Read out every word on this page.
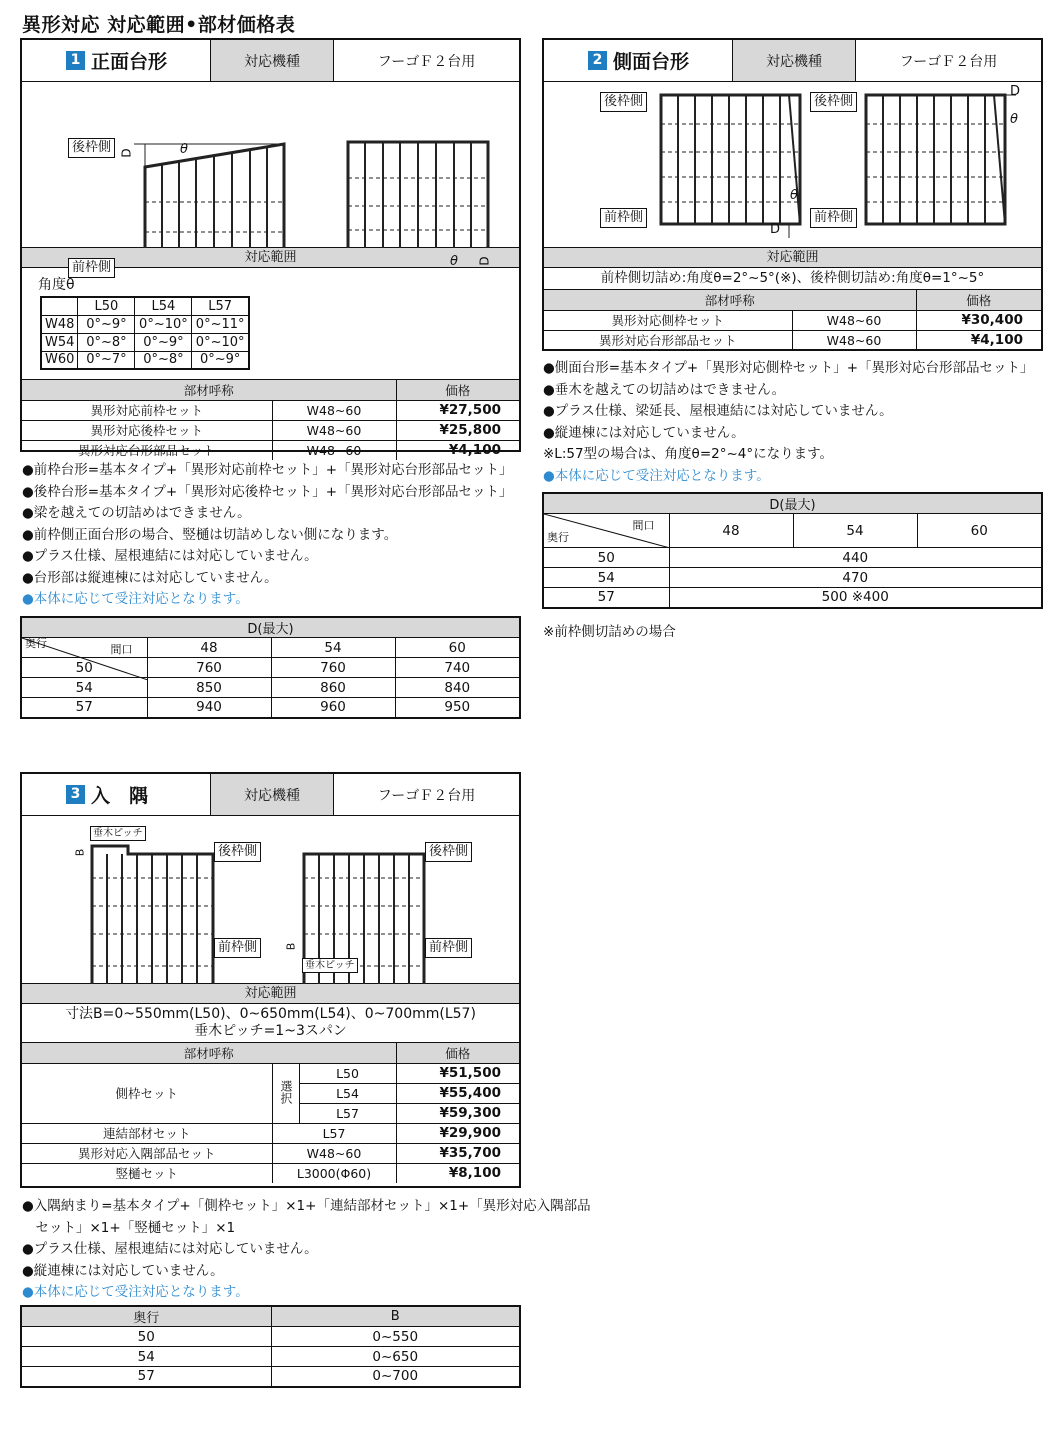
異形対応 対応範囲•部材価格表
1 正面台形	対応機種	フーゴＦ２台用
後枠側
前枠側
D	θ
θ D
対応範囲
角度θ
	L50	L54	L57
W48	0°~9°	0°~10°	0°~11°
W54	0°~8°	0°~9°	0°~10°
W60	0°~7°	0°~8°	0°~9°
部材呼称		価格
異形対応前枠セット	W48~60	¥27,500
異形対応後枠セット	W48~60	¥25,800
異形対応台形部品セット	W48~60	¥4,100
●前枠台形=基本タイプ+「異形対応前枠セット」+「異形対応台形部品セット」
●後枠台形=基本タイプ+「異形対応後枠セット」+「異形対応台形部品セット」
●梁を越えての切詰めはできません。
●前枠側正面台形の場合、竪樋は切詰めしない側になります。
●プラス仕様、屋根連結には対応していません。
●台形部は縦連棟には対応していません。
●本体に応じて受注対応となります。
D(最大)			

間口
奥行	48	54	60
50	760	760	740
54	850	860	840
57	940	960	950
2 側面台形	対応機種	フーゴＦ２台用
後枠側
前枠側
後枠側
前枠側
θ
D
D
θ
対応範囲
前枠側切詰め:角度θ=2°~5°(※)、後枠側切詰め:角度θ=1°~5°
部材呼称		価格
異形対応側枠セット	W48~60	¥30,400
異形対応台形部品セット	W48~60	¥4,100
●側面台形=基本タイプ+「異形対応側枠セット」+「異形対応台形部品セット」
●垂木を越えての切詰めはできません。
●プラス仕様、梁延長、屋根連結には対応していません。
●縦連棟には対応していません。
※L:57型の場合は、角度θ=2°~4°になります。
●本体に応じて受注対応となります。
D(最大)			

間口
奥行	48	54	60
50	440		
54	470		
57	500 ※400		
※前枠側切詰めの場合
3 入　隅	対応機種	フーゴＦ２台用
垂木ピッチ
B	後枠側
前枠側
後枠側
前枠側
垂木ピッチ
B
対応範囲
寸法B=0~550mm(L50)、0~650mm(L54)、0~700mm(L57)
垂木ピッチ=1~3スパン
部材呼称			価格
側枠セット	選択	L50	¥51,500
		L54	¥55,400
		L57	¥59,300
連結部材セット	L57		¥29,900
異形対応入隅部品セット	W48~60		¥35,700
竪樋セット	L3000(Φ60)		¥8,100
●入隅納まり=基本タイプ+「側枠セット」×1+「連結部材セット」×1+「異形対応入隅部品
　セット」×1+「竪樋セット」×1
●プラス仕様、屋根連結には対応していません。
●縦連棟には対応していません。
●本体に応じて受注対応となります。
奥行	B
50	0~550
54	0~650
57	0~700
